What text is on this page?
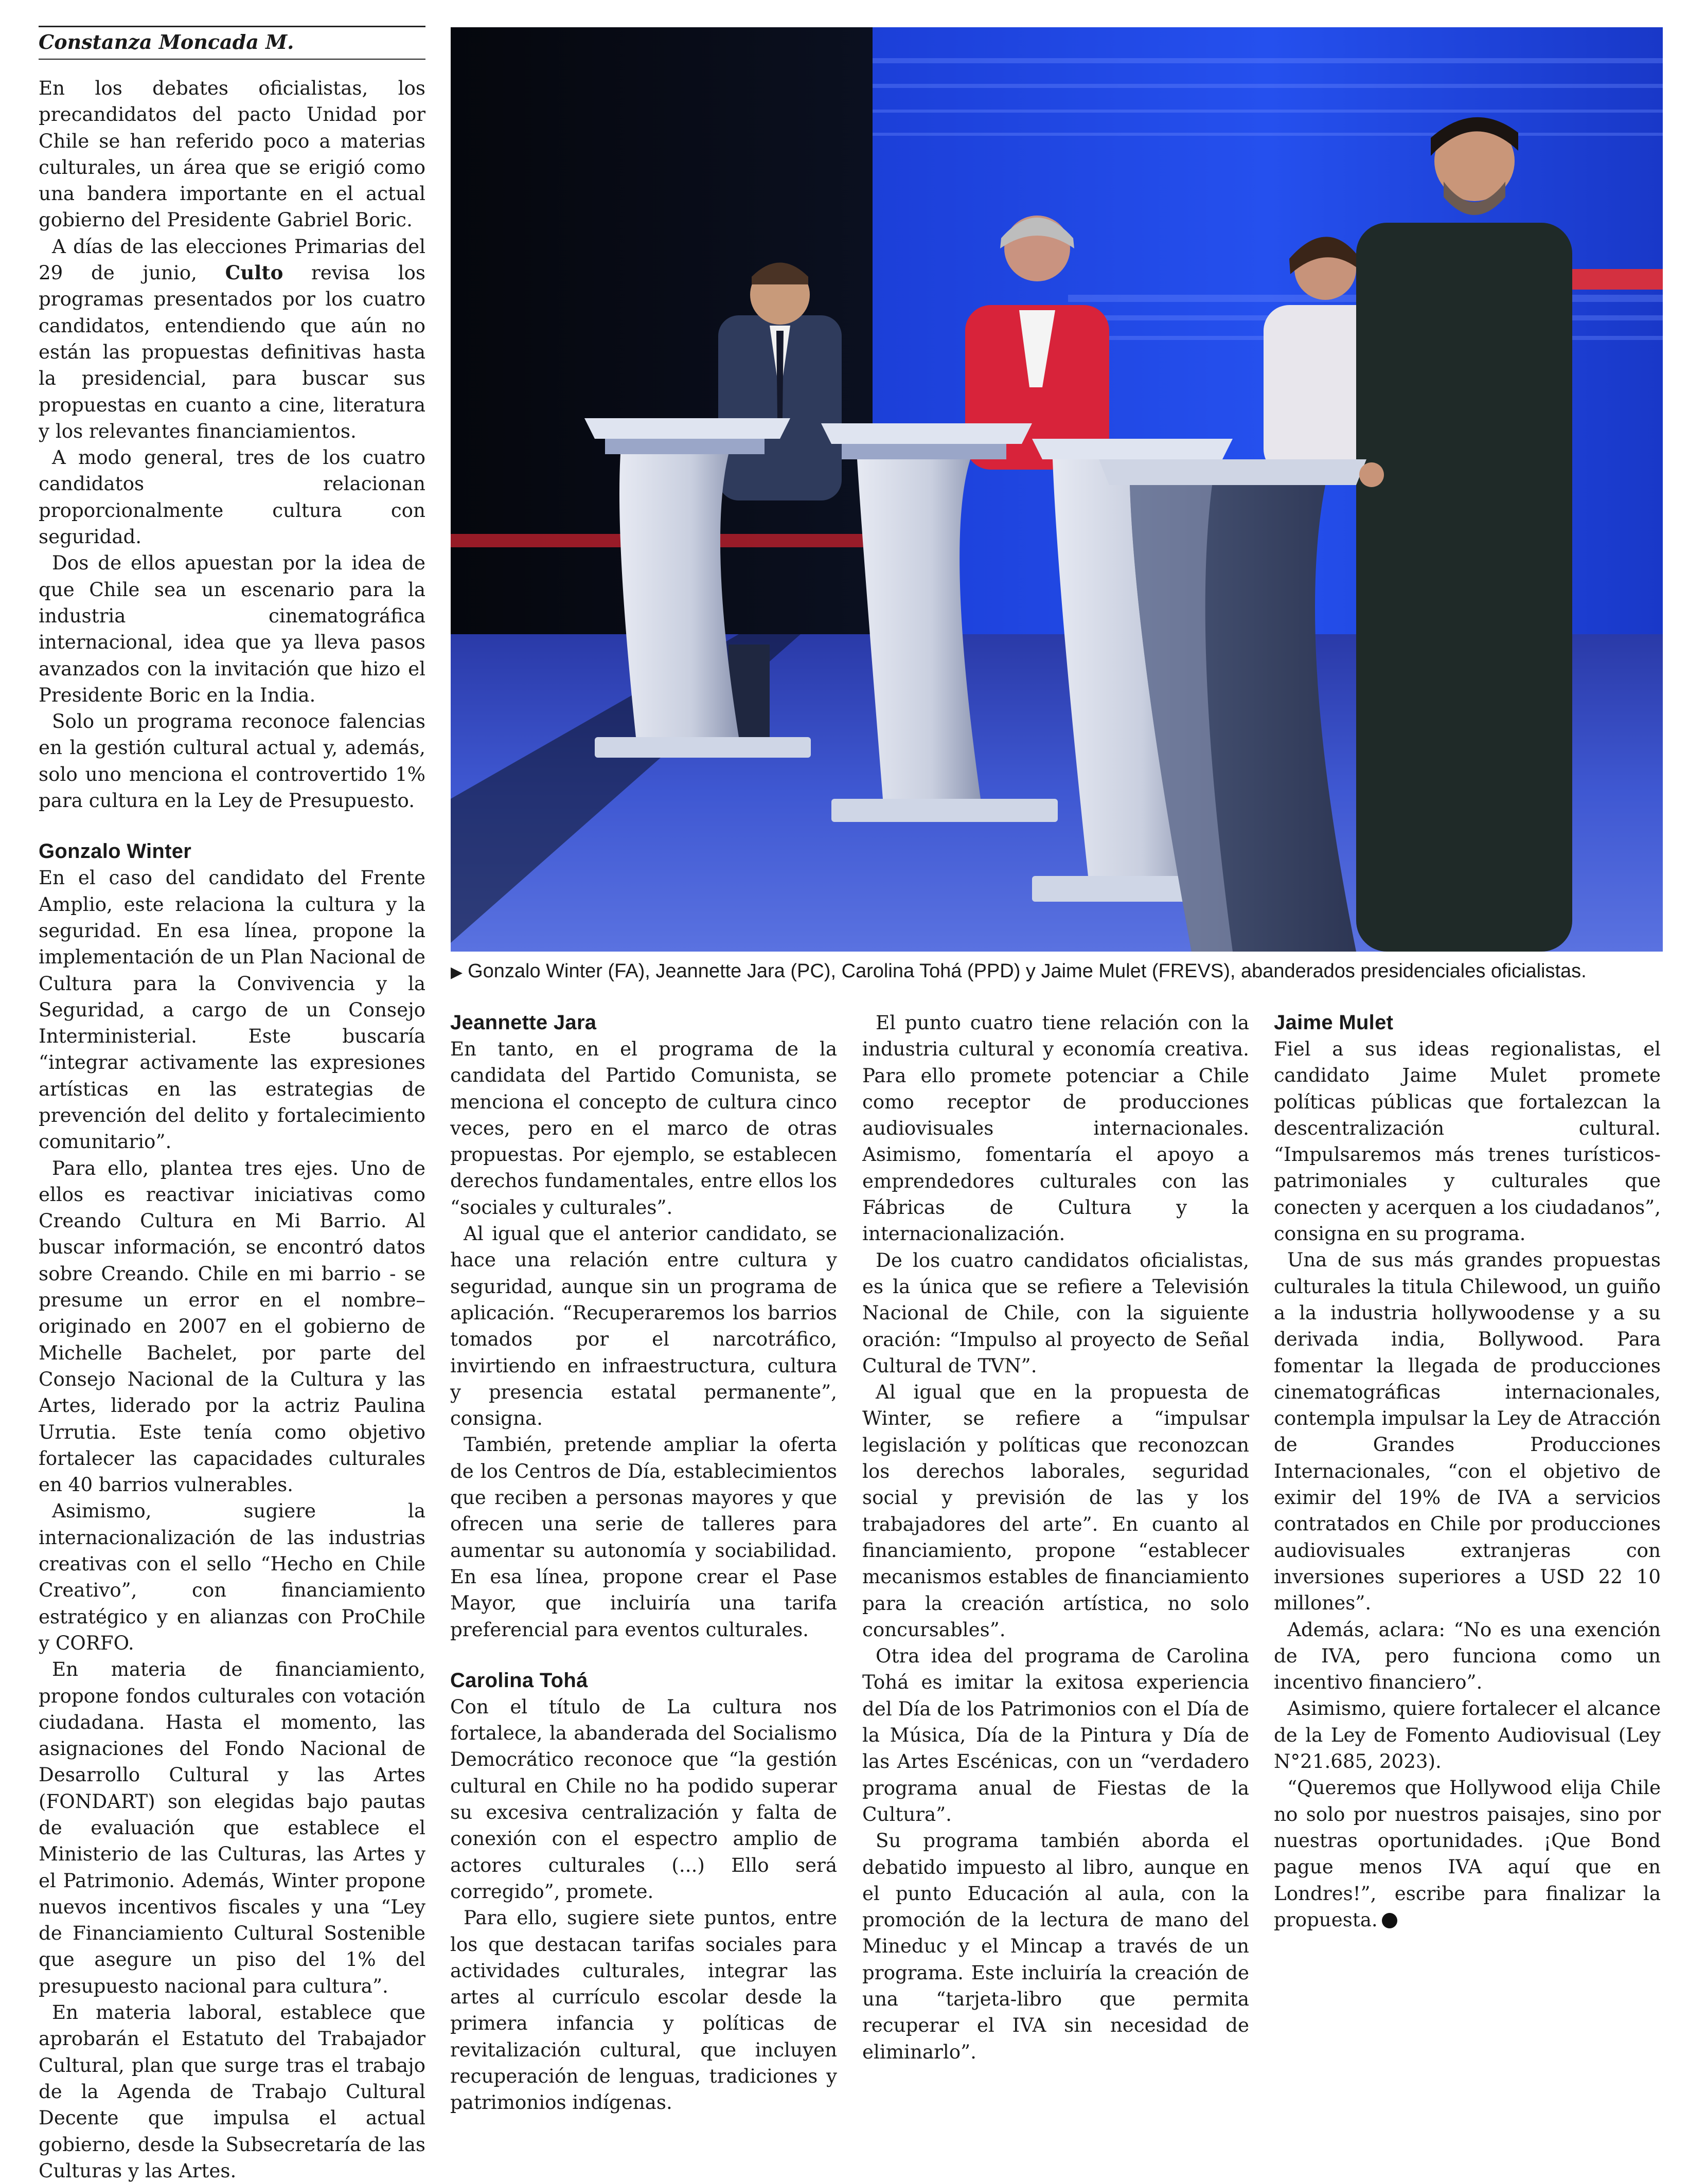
Constanza Moncada M.

En los debates oficialistas, los precandidatos del pacto Unidad por Chile se han referido poco a materias culturales, un área que se erigió como una bandera importante en el actual gobierno del Presidente Gabriel Boric.

A días de las elecciones Primarias del 29 de junio, Culto revisa los programas presentados por los cuatro candidatos, entendiendo que aún no están las propuestas definitivas hasta la presidencial, para buscar sus propuestas en cuanto a cine, literatura y los relevantes financiamientos.

A modo general, tres de los cuatro candidatos relacionan proporcionalmente cultura con seguridad.

Dos de ellos apuestan por la idea de que Chile sea un escenario para la industria cinematográfica internacional, idea que ya lleva pasos avanzados con la invitación que hizo el Presidente Boric en la India.

Solo un programa reconoce falencias en la gestión cultural actual y, además, solo uno menciona el controvertido 1% para cultura en la Ley de Presupuesto.

Gonzalo Winter

En el caso del candidato del Frente Amplio, este relaciona la cultura y la seguridad. En esa línea, propone la implementación de un Plan Nacional de Cultura para la Convivencia y la Seguridad, a cargo de un Consejo Interministerial. Este buscaría “integrar activamente las expresiones artísticas en las estrategias de prevención del delito y fortalecimiento comunitario”.

Para ello, plantea tres ejes. Uno de ellos es reactivar iniciativas como Creando Cultura en Mi Barrio. Al buscar información, se encontró datos sobre Creando. Chile en mi barrio - se presume un error en el nombre– originado en 2007 en el gobierno de Michelle Bachelet, por parte del Consejo Nacional de la Cultura y las Artes, liderado por la actriz Paulina Urrutia. Este tenía como objetivo fortalecer las capacidades culturales en 40 barrios vulnerables.

Asimismo, sugiere la internacionalización de las industrias creativas con el sello “Hecho en Chile Creativo”, con financiamiento estratégico y en alianzas con ProChile y CORFO.

En materia de financiamiento, propone fondos culturales con votación ciudadana. Hasta el momento, las asignaciones del Fondo Nacional de Desarrollo Cultural y las Artes (FONDART) son elegidas bajo pautas de evaluación que establece el Ministerio de las Culturas, las Artes y el Patrimonio. Además, Winter propone nuevos incentivos fiscales y una “Ley de Financiamiento Cultural Sostenible que asegure un piso del 1% del presupuesto nacional para cultura”.

En materia laboral, establece que aprobarán el Estatuto del Trabajador Cultural, plan que surge tras el trabajo de la Agenda de Trabajo Cultural Decente que impulsa el actual gobierno, desde la Subsecretaría de las Culturas y las Artes.

▶ Gonzalo Winter (FA), Jeannette Jara (PC), Carolina Tohá (PPD) y Jaime Mulet (FREVS), abanderados presidenciales oficialistas.
Jeannette Jara

En tanto, en el programa de la candidata del Partido Comunista, se menciona el concepto de cultura cinco veces, pero en el marco de otras propuestas. Por ejemplo, se establecen derechos fundamentales, entre ellos los “sociales y culturales”.

Al igual que el anterior candidato, se hace una relación entre cultura y seguridad, aunque sin un programa de aplicación. “Recuperaremos los barrios tomados por el narcotráfico, invirtiendo en infraestructura, cultura y presencia estatal permanente”, consigna.

También, pretende ampliar la oferta de los Centros de Día, establecimientos que reciben a personas mayores y que ofrecen una serie de talleres para aumentar su autonomía y sociabilidad. En esa línea, propone crear el Pase Mayor, que incluiría una tarifa preferencial para eventos culturales.

Carolina Tohá

Con el título de La cultura nos fortalece, la abanderada del Socialismo Democrático reconoce que “la gestión cultural en Chile no ha podido superar su excesiva centralización y falta de conexión con el espectro amplio de actores culturales (...) Ello será corregido”, promete.

Para ello, sugiere siete puntos, entre los que destacan tarifas sociales para actividades culturales, integrar las artes al currículo escolar desde la primera infancia y políticas de revitalización cultural, que incluyen recuperación de lenguas, tradiciones y patrimonios indígenas.

El punto cuatro tiene relación con la industria cultural y economía creativa. Para ello promete potenciar a Chile como receptor de producciones audiovisuales internacionales. Asimismo, fomentaría el apoyo a emprendedores culturales con las Fábricas de Cultura y la internacionalización.

De los cuatro candidatos oficialistas, es la única que se refiere a Televisión Nacional de Chile, con la siguiente oración: “Impulso al proyecto de Señal Cultural de TVN”.

Al igual que en la propuesta de Winter, se refiere a “impulsar legislación y políticas que reconozcan los derechos laborales, seguridad social y previsión de las y los trabajadores del arte”. En cuanto al financiamiento, propone “establecer mecanismos estables de financiamiento para la creación artística, no solo concursables”.

Otra idea del programa de Carolina Tohá es imitar la exitosa experiencia del Día de los Patrimonios con el Día de la Música, Día de la Pintura y Día de las Artes Escénicas, con un “verdadero programa anual de Fiestas de la Cultura”.

Su programa también aborda el debatido impuesto al libro, aunque en el punto Educación al aula, con la promoción de la lectura de mano del Mineduc y el Mincap a través de un programa. Este incluiría la creación de una “tarjeta-libro que permita recuperar el IVA sin necesidad de eliminarlo”.

Jaime Mulet

Fiel a sus ideas regionalistas, el candidato Jaime Mulet promete políticas públicas que fortalezcan la descentralización cultural. “Impulsaremos más trenes turísticos-patrimoniales y culturales que conecten y acerquen a los ciudadanos”, consigna en su programa.

Una de sus más grandes propuestas culturales la titula Chilewood, un guiño a la industria hollywoodense y a su derivada india, Bollywood. Para fomentar la llegada de producciones cinematográficas internacionales, contempla impulsar la Ley de Atracción de Grandes Producciones Internacionales, “con el objetivo de eximir del 19% de IVA a servicios contratados en Chile por producciones audiovisuales extranjeras con inversiones superiores a USD 22 10 millones”.

Además, aclara: “No es una exención de IVA, pero funciona como un incentivo financiero”.

Asimismo, quiere fortalecer el alcance de la Ley de Fomento Audiovisual (Ley N°21.685, 2023).

“Queremos que Hollywood elija Chile no solo por nuestros paisajes, sino por nuestras oportunidades. ¡Que Bond pague menos IVA aquí que en Londres!”, escribe para finalizar la propuesta.
